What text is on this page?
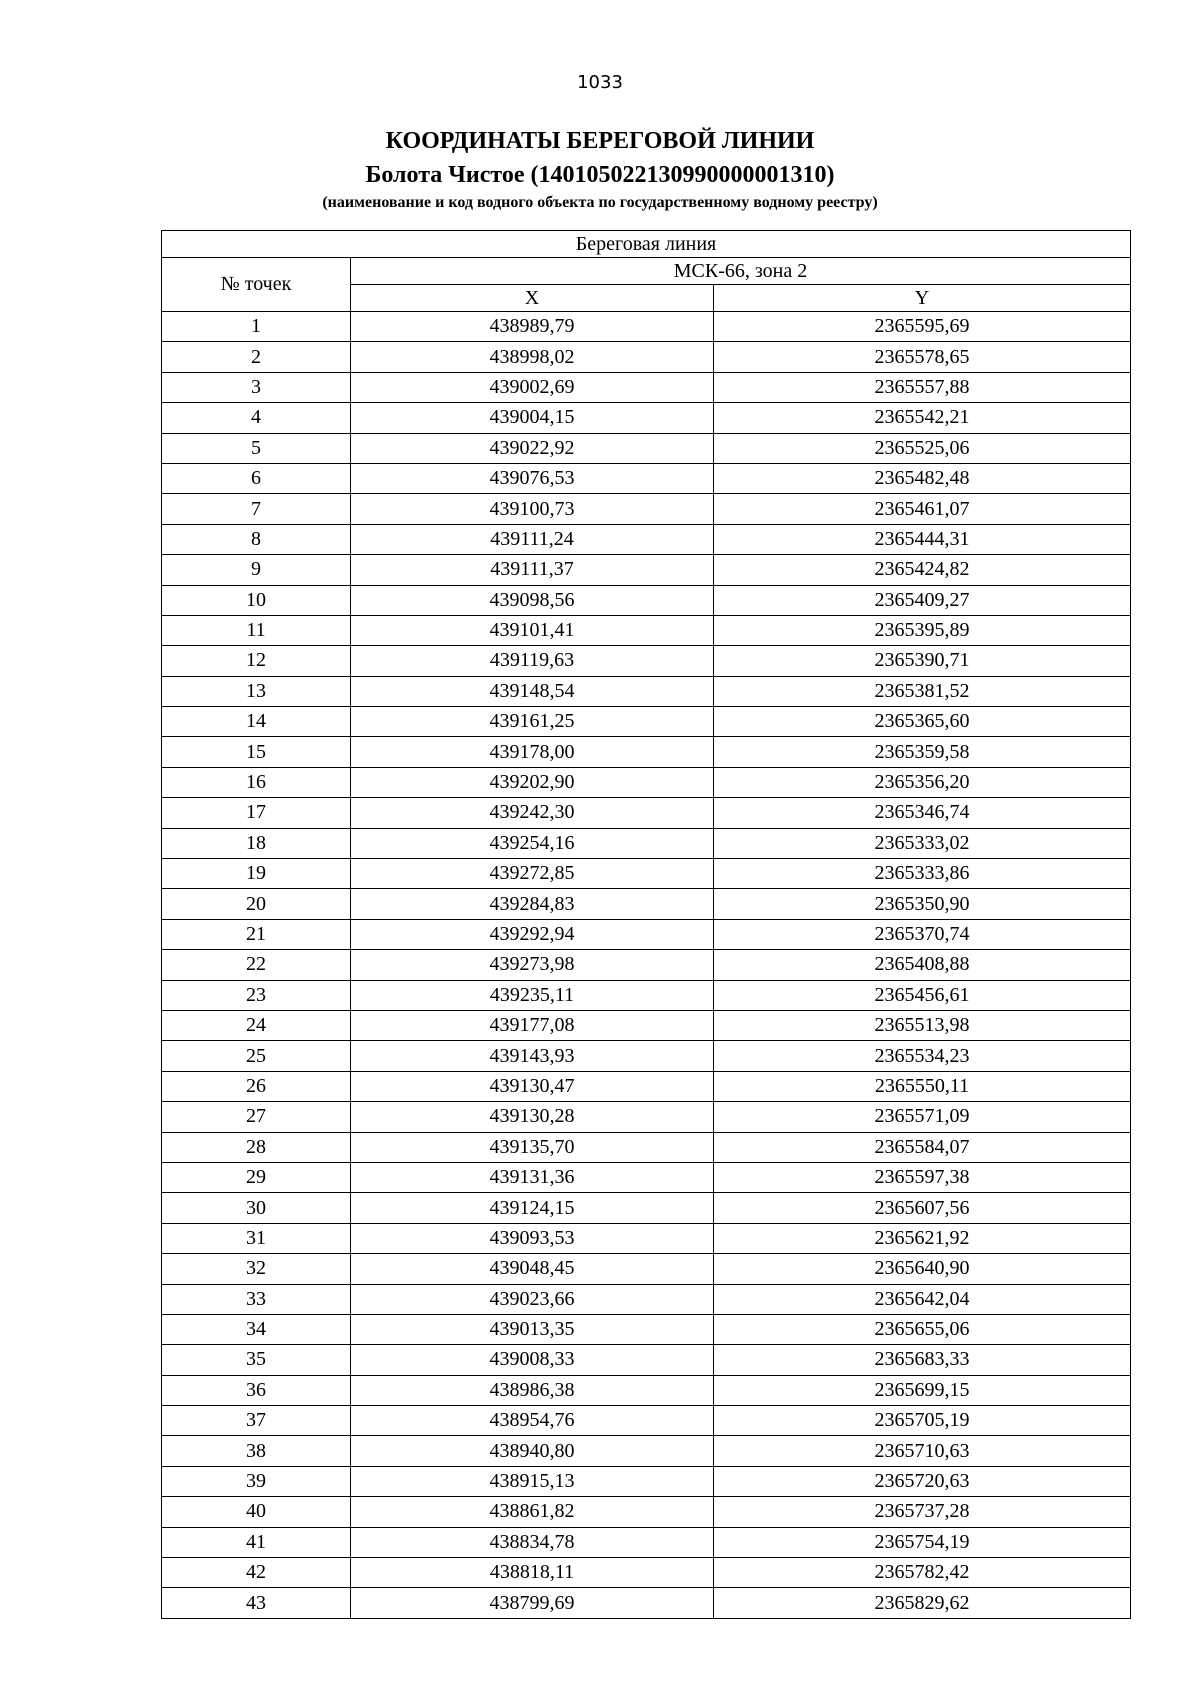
1033
КООРДИНАТЫ БЕРЕГОВОЙ ЛИНИИ
Болота Чистое (140105022130990000001310)
(наименование и код водного объекта по государственному водному реестру)
Береговая линия		
№ точек	МСК-66, зона 2	
	X	Y
1	438989,79	2365595,69
2	438998,02	2365578,65
3	439002,69	2365557,88
4	439004,15	2365542,21
5	439022,92	2365525,06
6	439076,53	2365482,48
7	439100,73	2365461,07
8	439111,24	2365444,31
9	439111,37	2365424,82
10	439098,56	2365409,27
11	439101,41	2365395,89
12	439119,63	2365390,71
13	439148,54	2365381,52
14	439161,25	2365365,60
15	439178,00	2365359,58
16	439202,90	2365356,20
17	439242,30	2365346,74
18	439254,16	2365333,02
19	439272,85	2365333,86
20	439284,83	2365350,90
21	439292,94	2365370,74
22	439273,98	2365408,88
23	439235,11	2365456,61
24	439177,08	2365513,98
25	439143,93	2365534,23
26	439130,47	2365550,11
27	439130,28	2365571,09
28	439135,70	2365584,07
29	439131,36	2365597,38
30	439124,15	2365607,56
31	439093,53	2365621,92
32	439048,45	2365640,90
33	439023,66	2365642,04
34	439013,35	2365655,06
35	439008,33	2365683,33
36	438986,38	2365699,15
37	438954,76	2365705,19
38	438940,80	2365710,63
39	438915,13	2365720,63
40	438861,82	2365737,28
41	438834,78	2365754,19
42	438818,11	2365782,42
43	438799,69	2365829,62
